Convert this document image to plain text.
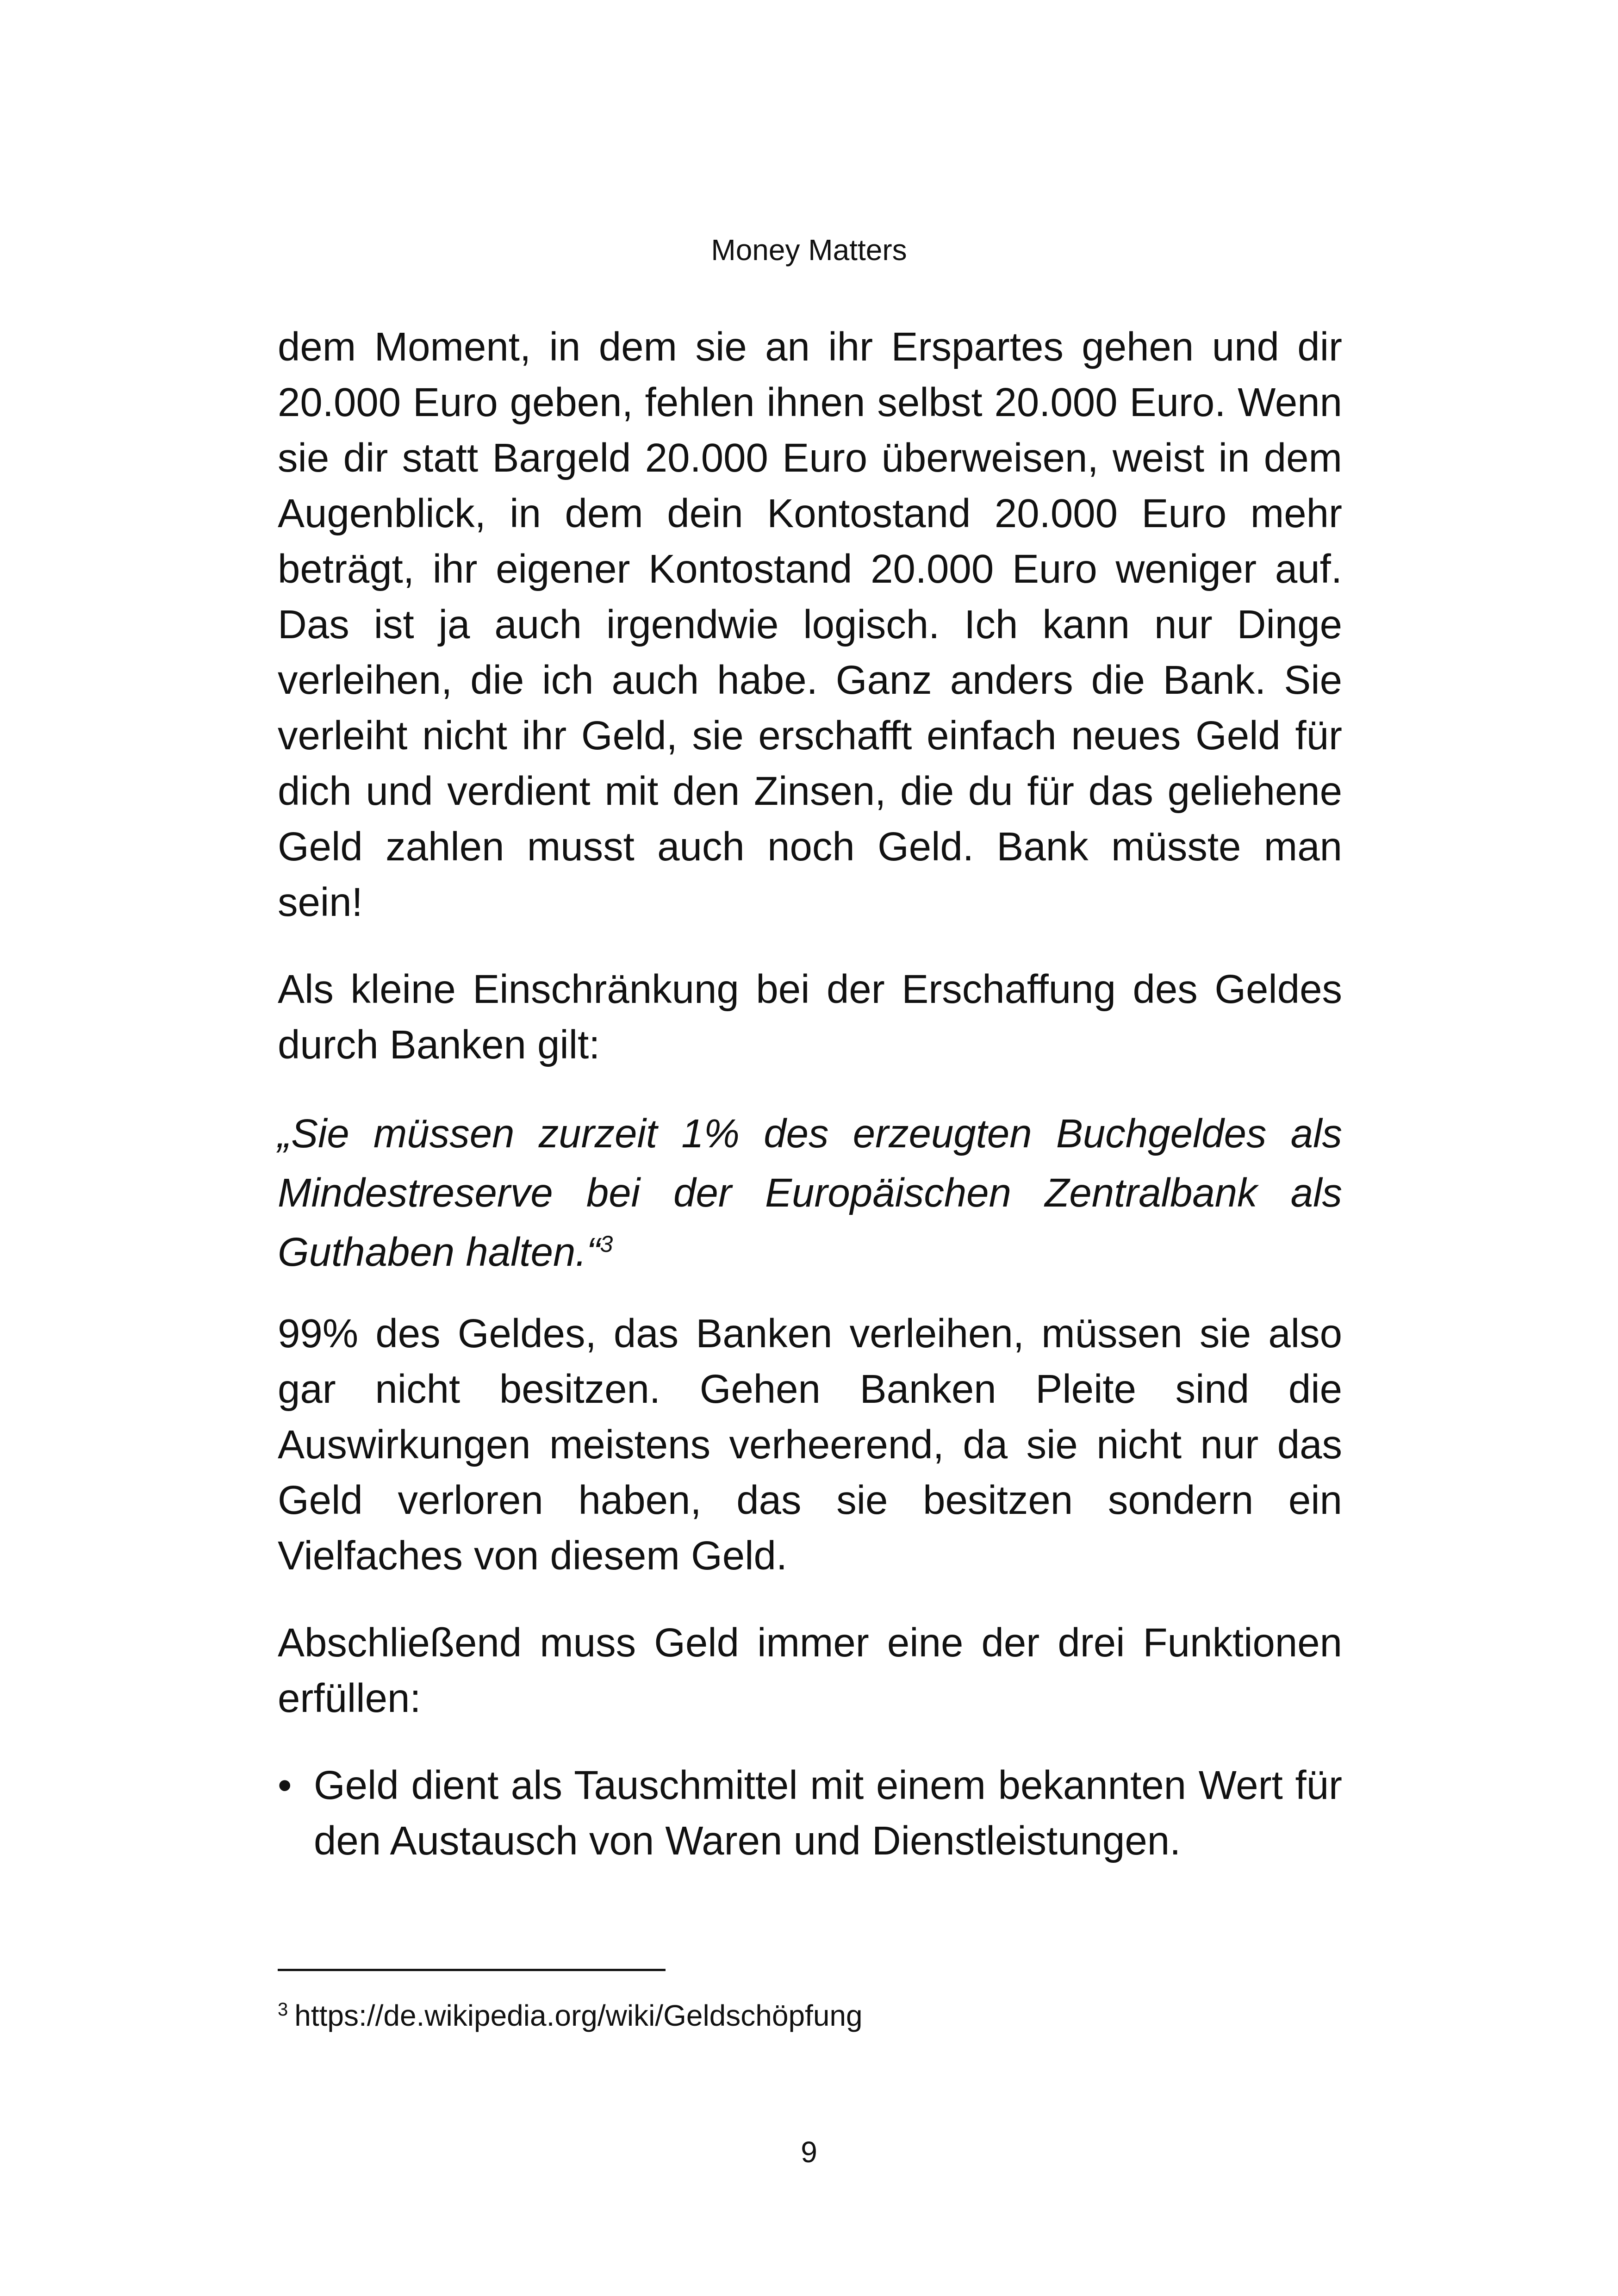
Money Matters

dem Moment, in dem sie an ihr Erspartes gehen und dir 20.000 Euro geben, fehlen ihnen selbst 20.000 Euro. Wenn sie dir statt Bargeld 20.000 Euro überweisen, weist in dem Augenblick, in dem dein Kontostand 20.000 Euro mehr beträgt, ihr eigener Kontostand 20.000 Euro weniger auf. Das ist ja auch irgendwie logisch. Ich kann nur Dinge verleihen, die ich auch habe. Ganz anders die Bank. Sie verleiht nicht ihr Geld, sie erschafft einfach neues Geld für dich und verdient mit den Zinsen, die du für das geliehene Geld zahlen musst auch noch Geld. Bank müsste man sein!

Als kleine Einschränkung bei der Erschaffung des Geldes durch Banken gilt:

„Sie müssen zurzeit 1% des erzeugten Buchgeldes als Mindestreserve bei der Europäischen Zentralbank als Guthaben halten.“$^3$

99% des Geldes, das Banken verleihen, müssen sie also gar nicht besitzen. Gehen Banken Pleite sind die Auswirkungen meistens verheerend, da sie nicht nur das Geld verloren haben, das sie besitzen sondern ein Vielfaches von diesem Geld.

Abschließend muss Geld immer eine der drei Funktionen erfüllen:

• Geld dient als Tauschmittel mit einem bekannten Wert für den Austausch von Waren und Dienstleistungen.
$^3$ https://de.wikipedia.org/wiki/Geldschöpfung
9
